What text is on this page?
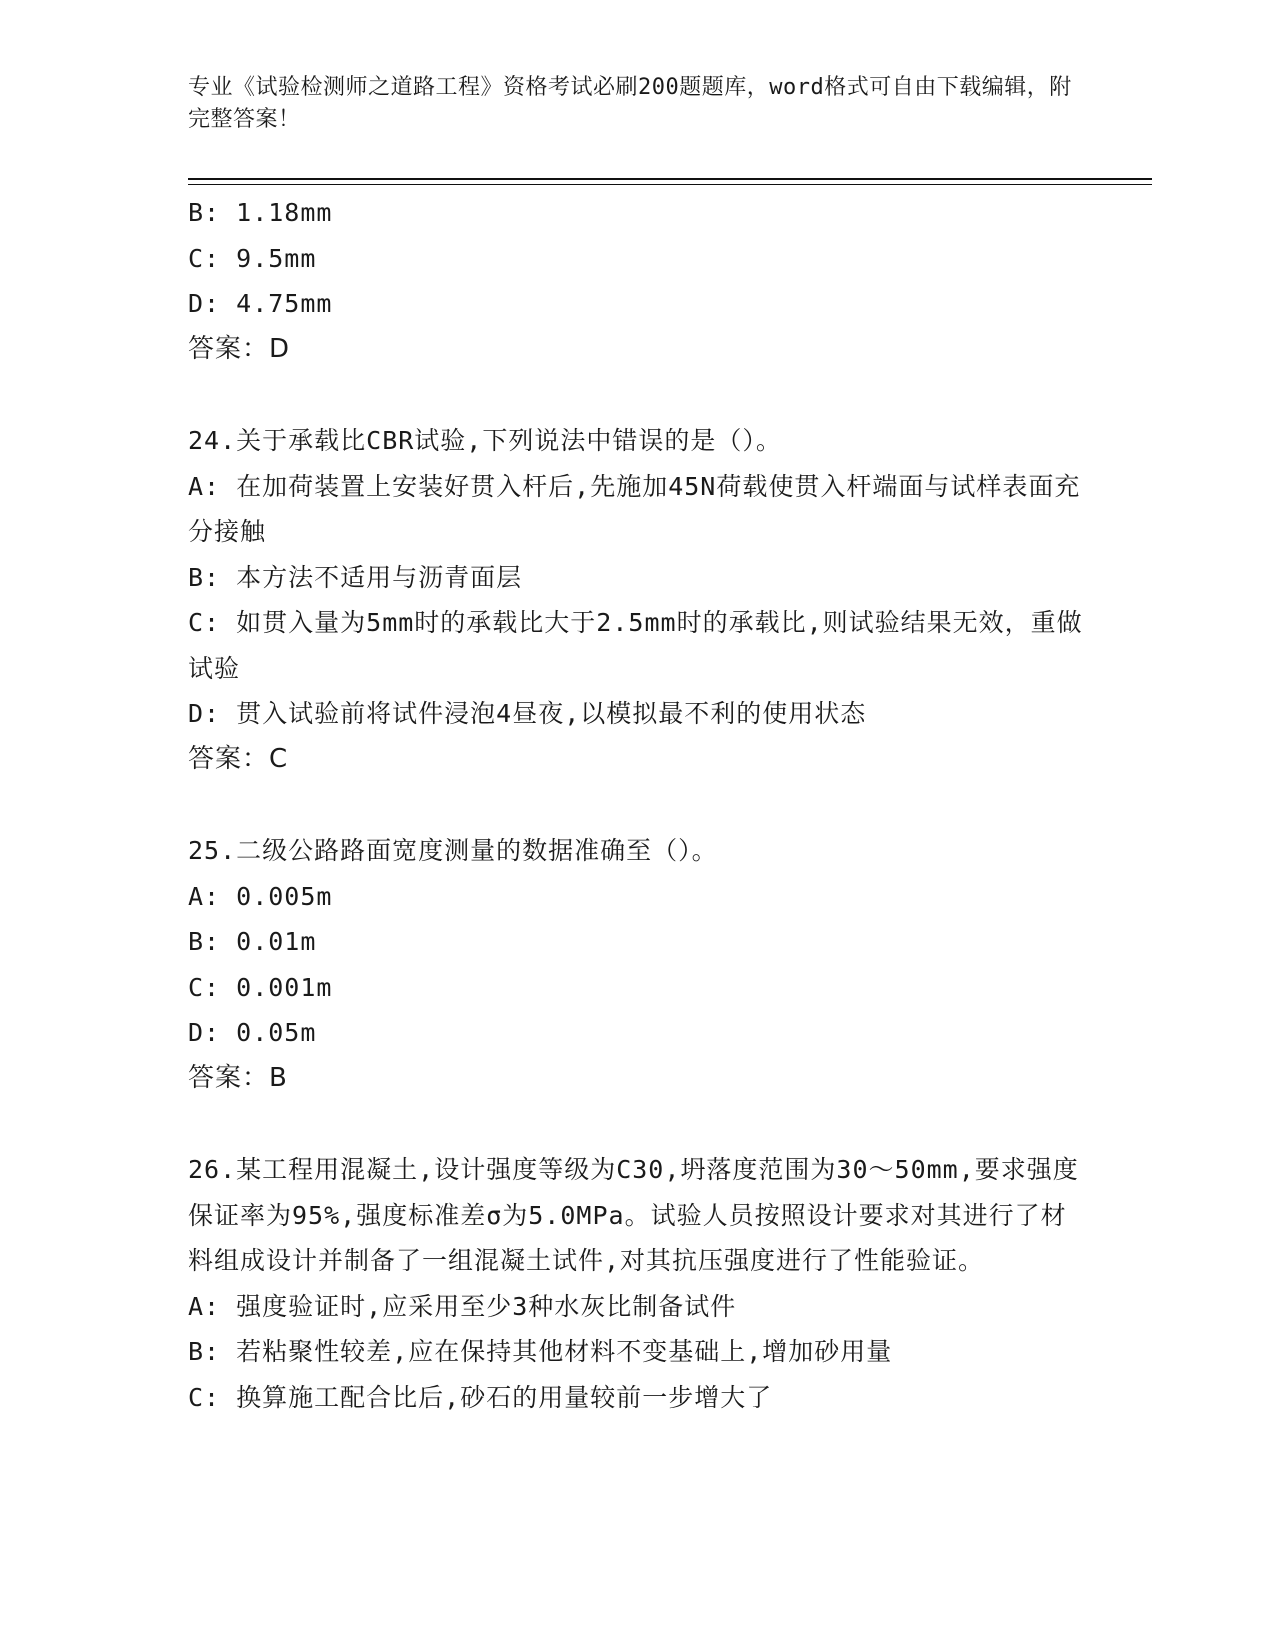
专业《试验检测师之道路工程》资格考试必刷200题题库，word格式可自由下载编辑，附完整答案！
B: 1.18mm
C: 9.5mm
D: 4.75mm
答案：D
24.关于承载比CBR试验,下列说法中错误的是（）。
A: 在加荷装置上安装好贯入杆后,先施加45N荷载使贯入杆端面与试样表面充分接触
B: 本方法不适用与沥青面层
C: 如贯入量为5mm时的承载比大于2.5mm时的承载比,则试验结果无效，重做试验
D: 贯入试验前将试件浸泡4昼夜,以模拟最不利的使用状态
答案：C
25.二级公路路面宽度测量的数据准确至（）。
A: 0.005m
B: 0.01m
C: 0.001m
D: 0.05m
答案：B
26.某工程用混凝土,设计强度等级为C30,坍落度范围为30～50mm,要求强度保证率为95%,强度标准差σ为5.0MPa。试验人员按照设计要求对其进行了材料组成设计并制备了一组混凝土试件,对其抗压强度进行了性能验证。
A: 强度验证时,应采用至少3种水灰比制备试件
B: 若粘聚性较差,应在保持其他材料不变基础上,增加砂用量
C: 换算施工配合比后,砂石的用量较前一步增大了
